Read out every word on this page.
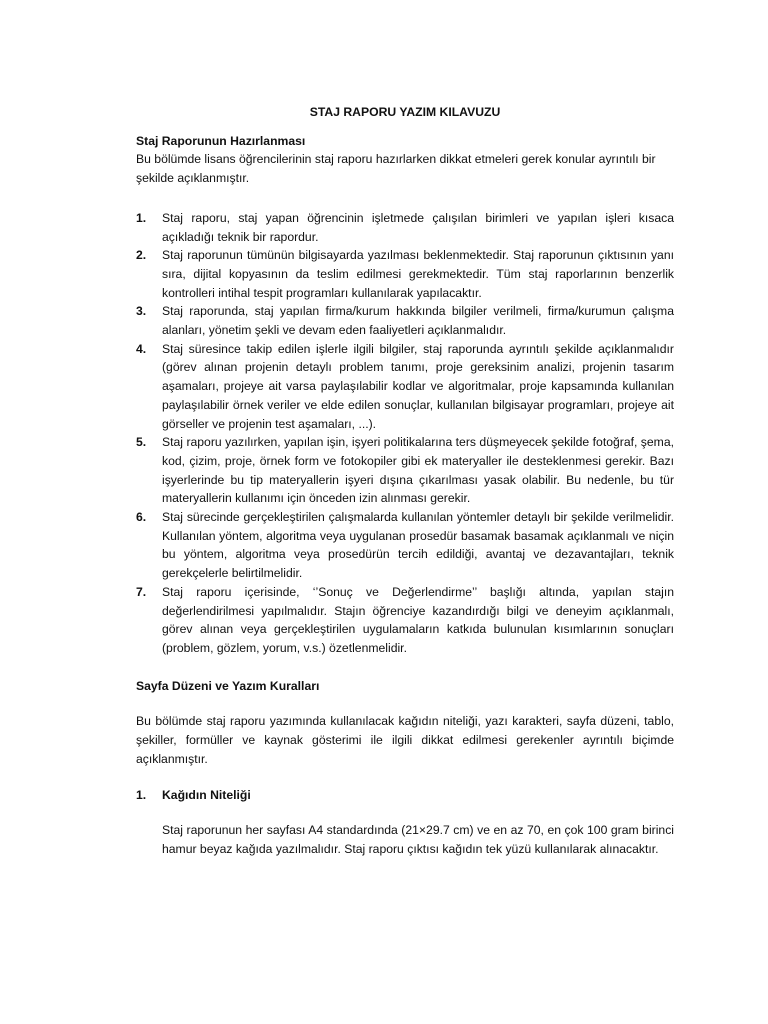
STAJ RAPORU YAZIM KILAVUZU

Staj Raporunun Hazırlanması

Bu bölümde lisans öğrencilerinin staj raporu hazırlarken dikkat etmeleri gerek konular ayrıntılı bir şekilde açıklanmıştır.

1. Staj raporu, staj yapan öğrencinin işletmede çalışılan birimleri ve yapılan işleri kısaca açıkladığı teknik bir rapordur.
2. Staj raporunun tümünün bilgisayarda yazılması beklenmektedir. Staj raporunun çıktısının yanı sıra, dijital kopyasının da teslim edilmesi gerekmektedir. Tüm staj raporlarının benzerlik kontrolleri intihal tespit programları kullanılarak yapılacaktır.
3. Staj raporunda, staj yapılan firma/kurum hakkında bilgiler verilmeli, firma/kurumun çalışma alanları, yönetim şekli ve devam eden faaliyetleri açıklanmalıdır.
4. Staj süresince takip edilen işlerle ilgili bilgiler, staj raporunda ayrıntılı şekilde açıklanmalıdır (görev alınan projenin detaylı problem tanımı, proje gereksinim analizi, projenin tasarım aşamaları, projeye ait varsa paylaşılabilir kodlar ve algoritmalar, proje kapsamında kullanılan paylaşılabilir örnek veriler ve elde edilen sonuçlar, kullanılan bilgisayar programları, projeye ait görseller ve projenin test aşamaları, ...).
5. Staj raporu yazılırken, yapılan işin, işyeri politikalarına ters düşmeyecek şekilde fotoğraf, şema, kod, çizim, proje, örnek form ve fotokopiler gibi ek materyaller ile desteklenmesi gerekir. Bazı işyerlerinde bu tip materyallerin işyeri dışına çıkarılması yasak olabilir. Bu nedenle, bu tür materyallerin kullanımı için önceden izin alınması gerekir.
6. Staj sürecinde gerçekleştirilen çalışmalarda kullanılan yöntemler detaylı bir şekilde verilmelidir. Kullanılan yöntem, algoritma veya uygulanan prosedür basamak basamak açıklanmalı ve niçin bu yöntem, algoritma veya prosedürün tercih edildiği, avantaj ve dezavantajları, teknik gerekçelerle belirtilmelidir.
7. Staj raporu içerisinde, ‘’Sonuç ve Değerlendirme’’ başlığı altında, yapılan stajın değerlendirilmesi yapılmalıdır. Stajın öğrenciye kazandırdığı bilgi ve deneyim açıklanmalı, görev alınan veya gerçekleştirilen uygulamaların katkıda bulunulan kısımlarının sonuçları (problem, gözlem, yorum, v.s.) özetlenmelidir.

Sayfa Düzeni ve Yazım Kuralları

Bu bölümde staj raporu yazımında kullanılacak kağıdın niteliği, yazı karakteri, sayfa düzeni, tablo, şekiller, formüller ve kaynak gösterimi ile ilgili dikkat edilmesi gerekenler ayrıntılı biçimde açıklanmıştır.

1. Kağıdın Niteliği

Staj raporunun her sayfası A4 standardında (21×29.7 cm) ve en az 70, en çok 100 gram birinci hamur beyaz kağıda yazılmalıdır. Staj raporu çıktısı kağıdın tek yüzü kullanılarak alınacaktır.
